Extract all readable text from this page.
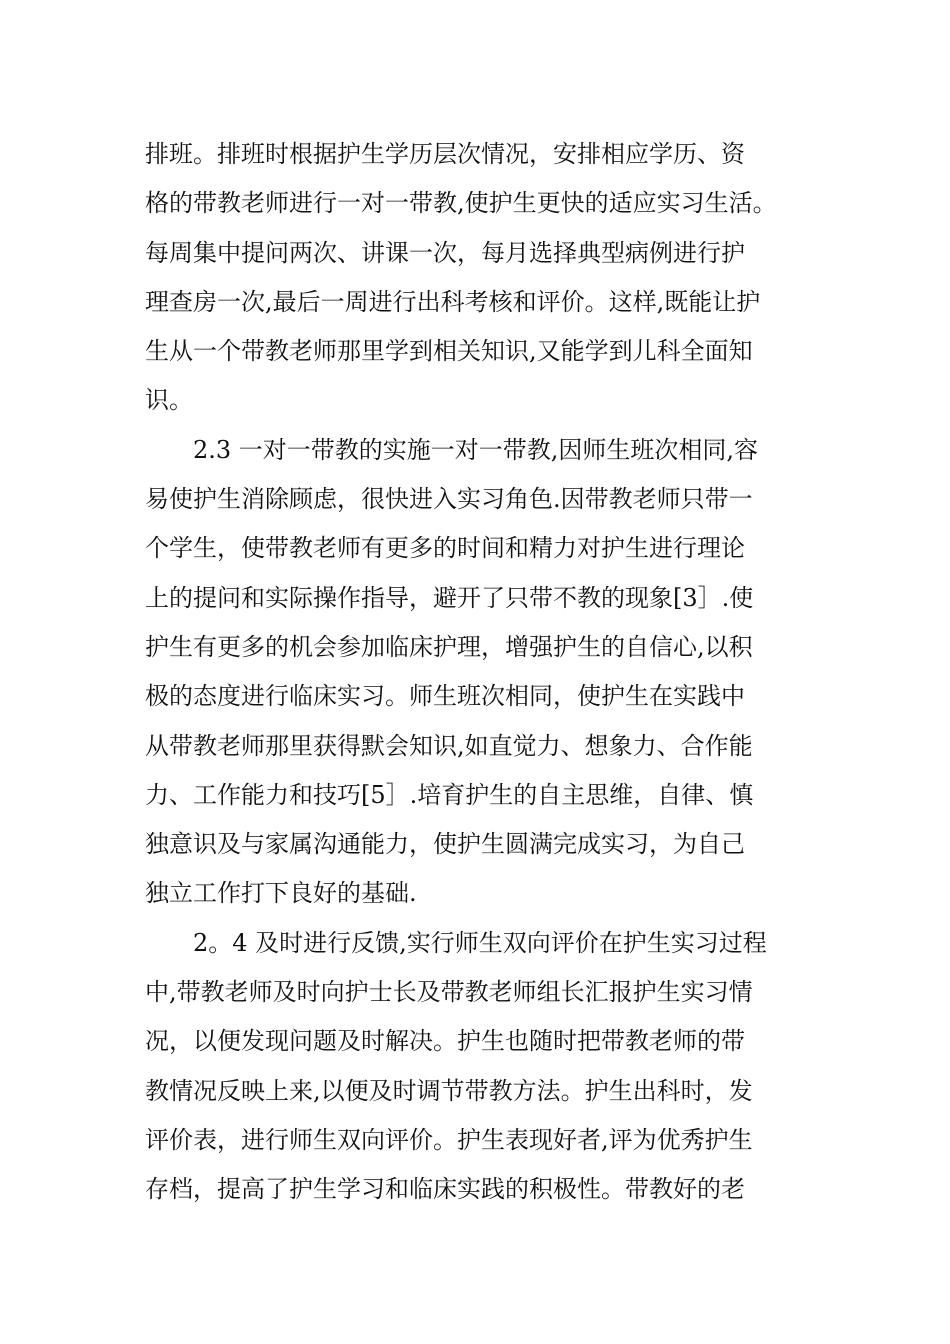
排班。排班时根据护生学历层次情况，安排相应学历、资
格的带教老师进行一对一带教,使护生更快的适应实习生活。
每周集中提问两次、讲课一次，每月选择典型病例进行护
理查房一次,最后一周进行出科考核和评价。这样,既能让护
生从一个带教老师那里学到相关知识,又能学到儿科全面知
识。
2.3 一对一带教的实施一对一带教,因师生班次相同,容
易使护生消除顾虑，很快进入实习角色.因带教老师只带一
个学生，使带教老师有更多的时间和精力对护生进行理论
上的提问和实际操作指导，避开了只带不教的现象[3］.使
护生有更多的机会参加临床护理，增强护生的自信心,以积
极的态度进行临床实习。师生班次相同，使护生在实践中
从带教老师那里获得默会知识,如直觉力、想象力、合作能
力、工作能力和技巧[5］.培育护生的自主思维，自律、慎
独意识及与家属沟通能力，使护生圆满完成实习，为自己
独立工作打下良好的基础.
2。4 及时进行反馈,实行师生双向评价在护生实习过程
中,带教老师及时向护士长及带教老师组长汇报护生实习情
况，以便发现问题及时解决。护生也随时把带教老师的带
教情况反映上来,以便及时调节带教方法。护生出科时，发
评价表，进行师生双向评价。护生表现好者,评为优秀护生
存档，提高了护生学习和临床实践的积极性。带教好的老
